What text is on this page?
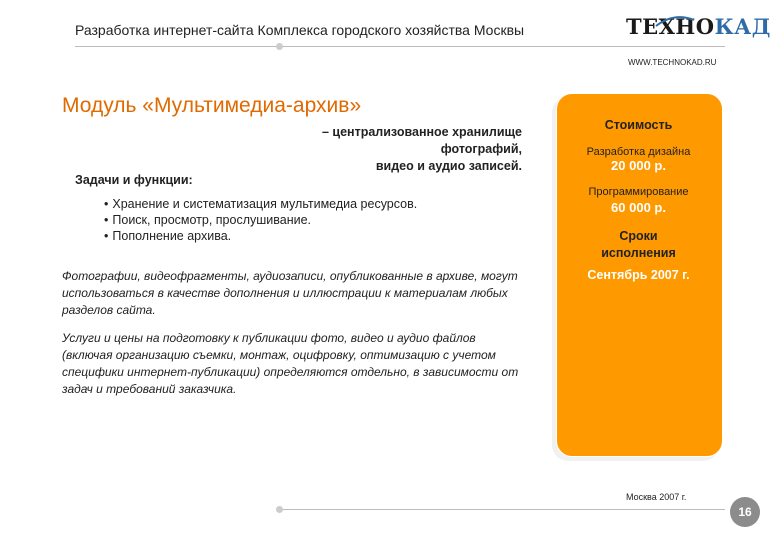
Разработка интернет-сайта Комплекса городского хозяйства Москвы	ТЕХНОКАД
WWW.TECHNOKAD.RU
Модуль «Мультимедиа-архив»
– централизованное хранилище фотографий,
видео и аудио записей.
Задачи и функции:
• Хранение и систематизация мультимедиа ресурсов.
• Поиск, просмотр, прослушивание.
• Пополнение архива.
Фотографии, видеофрагменты, аудиозаписи, опубликованные в архиве, могут использоваться в качестве дополнения и иллюстрации к материалам любых разделов сайта.
Услуги и цены на подготовку к публикации фото, видео и аудио файлов (включая организацию съемки, монтаж, оцифровку, оптимизацию с учетом специфики интернет-публикации) определяются отдельно, в зависимости от задач и требований заказчика.
Стоимость
Разработка дизайна
20 000 р.
Программирование
60 000 р.
Сроки
исполнения
Сентябрь 2007 г.
Москва 2007 г.
16
